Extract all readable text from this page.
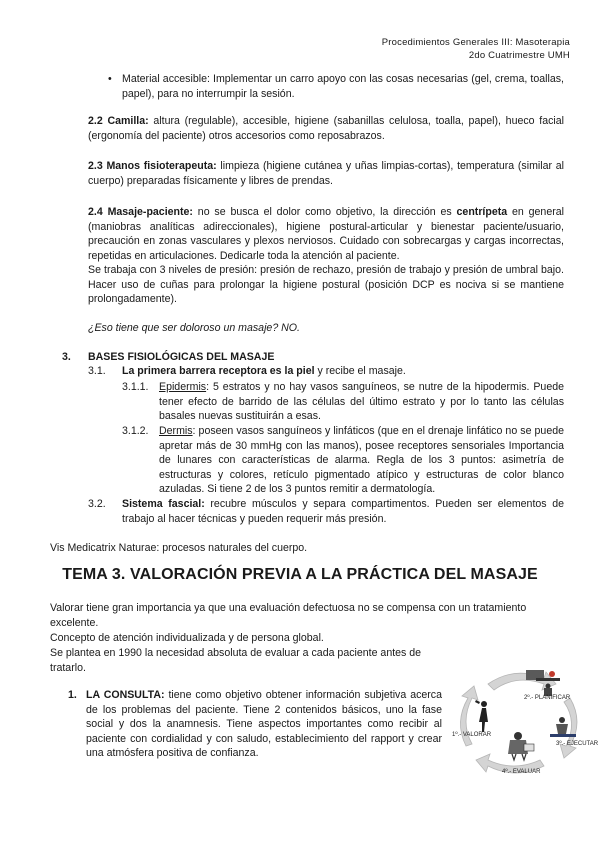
Procedimientos Generales III: Masoterapia
2do Cuatrimestre UMH

• Material accesible: Implementar un carro apoyo con las cosas necesarias (gel, crema, toallas, papel), para no interrumpir la sesión.

2.2 Camilla: altura (regulable), accesible, higiene (sabanillas celulosa, toalla, papel), hueco facial (ergonomía del paciente) otros accesorios como reposabrazos.

2.3 Manos fisioterapeuta: limpieza (higiene cutánea y uñas limpias-cortas), temperatura (similar al cuerpo) preparadas físicamente y libres de prendas.

2.4 Masaje-paciente: no se busca el dolor como objetivo, la dirección es centrípeta en general (maniobras analíticas adireccionales), higiene postural-articular y bienestar paciente/usuario, precaución en zonas vasculares y plexos nerviosos. Cuidado con sobrecargas y cargas incorrectas, repetidas en articulaciones. Dedicarle toda la atención al paciente.

Se trabaja con 3 niveles de presión: presión de rechazo, presión de trabajo y presión de umbral bajo. Hacer uso de cuñas para prolongar la higiene postural (posición DCP es nociva si se mantiene prolongadamente).

¿Eso tiene que ser doloroso un masaje? NO.

3. BASES FISIOLÓGICAS DEL MASAJE
3.1. La primera barrera receptora es la piel y recibe el masaje.

3.1.1. Epidermis: 5 estratos y no hay vasos sanguíneos, se nutre de la hipodermis. Puede tener efecto de barrido de las células del último estrato y por lo tanto las células basales nuevas sustituirán a esas.

3.1.2. Dermis: poseen vasos sanguíneos y linfáticos (que en el drenaje linfático no se puede apretar más de 30 mmHg con las manos), posee receptores sensoriales Importancia de lunares con características de alarma. Regla de los 3 puntos: asimetría de estructuras y colores, retículo pigmentado atípico y estructuras de color blanco azuladas. Si tiene 2 de los 3 puntos remitir a dermatología.

3.2. Sistema fascial: recubre músculos y separa compartimentos. Pueden ser elementos de trabajo al hacer técnicas y pueden requerir más presión.

Vis Medicatrix Naturae: procesos naturales del cuerpo.

TEMA 3. VALORACIÓN PREVIA A LA PRÁCTICA DEL MASAJE

Valorar tiene gran importancia ya que una evaluación defectuosa no se compensa con un tratamiento excelente.

Concepto de atención individualizada y de persona global.

Se plantea en 1990 la necesidad absoluta de evaluar a cada paciente antes de tratarlo.

1. LA CONSULTA: tiene como objetivo obtener información subjetiva acerca de los problemas del paciente. Tiene 2 contenidos básicos, uno la fase social y dos la anamnesis. Tiene aspectos importantes como recibir al paciente con cordialidad y con saludo, establecimiento del rapport y crear una atmósfera positiva de confianza.

2º.- PLANIFICAR
3º.- EJECUTAR
1º.- VALORAR
4º.- EVALUAR
